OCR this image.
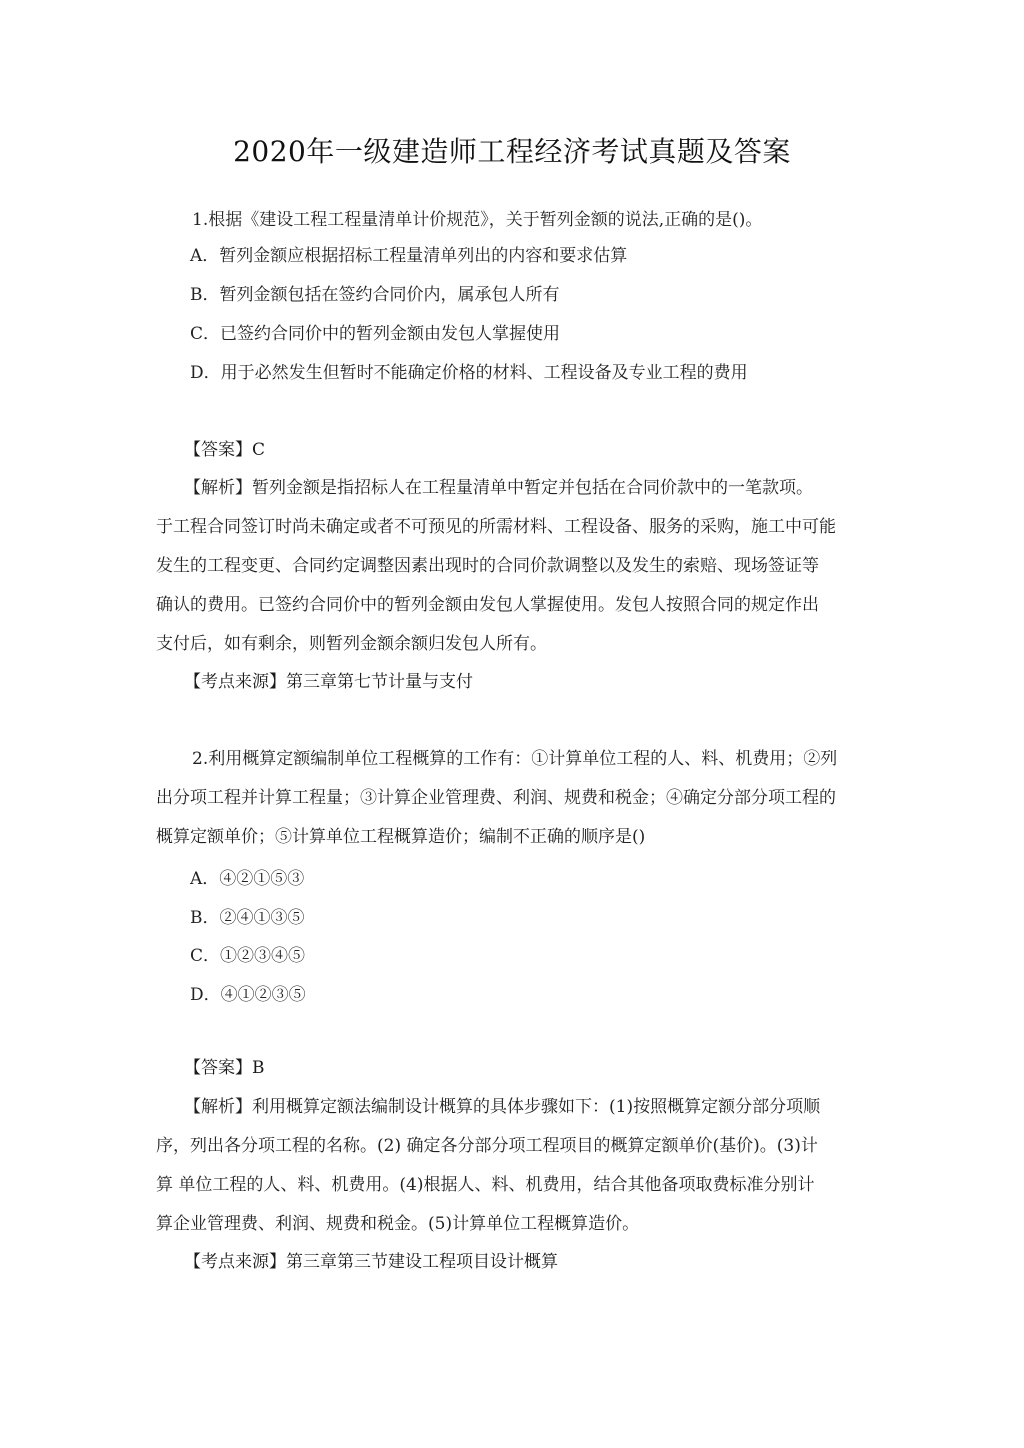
2020年一级建造师工程经济考试真题及答案
1.根据《建设工程工程量清单计价规范》，关于暂列金额的说法,正确的是()。
A．暂列金额应根据招标工程量清单列出的内容和要求估算
B．暂列金额包括在签约合同价内，属承包人所有
C．已签约合同价中的暂列金额由发包人掌握使用
D．用于必然发生但暂时不能确定价格的材料、工程设备及专业工程的费用
【答案】C
【解析】暂列金额是指招标人在工程量清单中暂定并包括在合同价款中的一笔款项。
于工程合同签订时尚未确定或者不可预见的所需材料、工程设备、服务的采购，施工中可能
发生的工程变更、合同约定调整因素出现时的合同价款调整以及发生的索赔、现场签证等
确认的费用。已签约合同价中的暂列金额由发包人掌握使用。发包人按照合同的规定作出
支付后，如有剩余，则暂列金额余额归发包人所有。
【考点来源】第三章第七节计量与支付
2.利用概算定额编制单位工程概算的工作有：①计算单位工程的人、料、机费用；②列
出分项工程并计算工程量；③计算企业管理费、利润、规费和税金；④确定分部分项工程的
概算定额单价；⑤计算单位工程概算造价；编制不正确的顺序是()
A．④②①⑤③
B．②④①③⑤
C．①②③④⑤
D．④①②③⑤
【答案】B
【解析】利用概算定额法编制设计概算的具体步骤如下：(1)按照概算定额分部分项顺
序，列出各分项工程的名称。(2) 确定各分部分项工程项目的概算定额单价(基价)。(3)计
算 单位工程的人、料、机费用。(4)根据人、料、机费用，结合其他备项取费标准分别计
算企业管理费、利润、规费和税金。(5)计算单位工程概算造价。
【考点来源】第三章第三节建设工程项目设计概算
